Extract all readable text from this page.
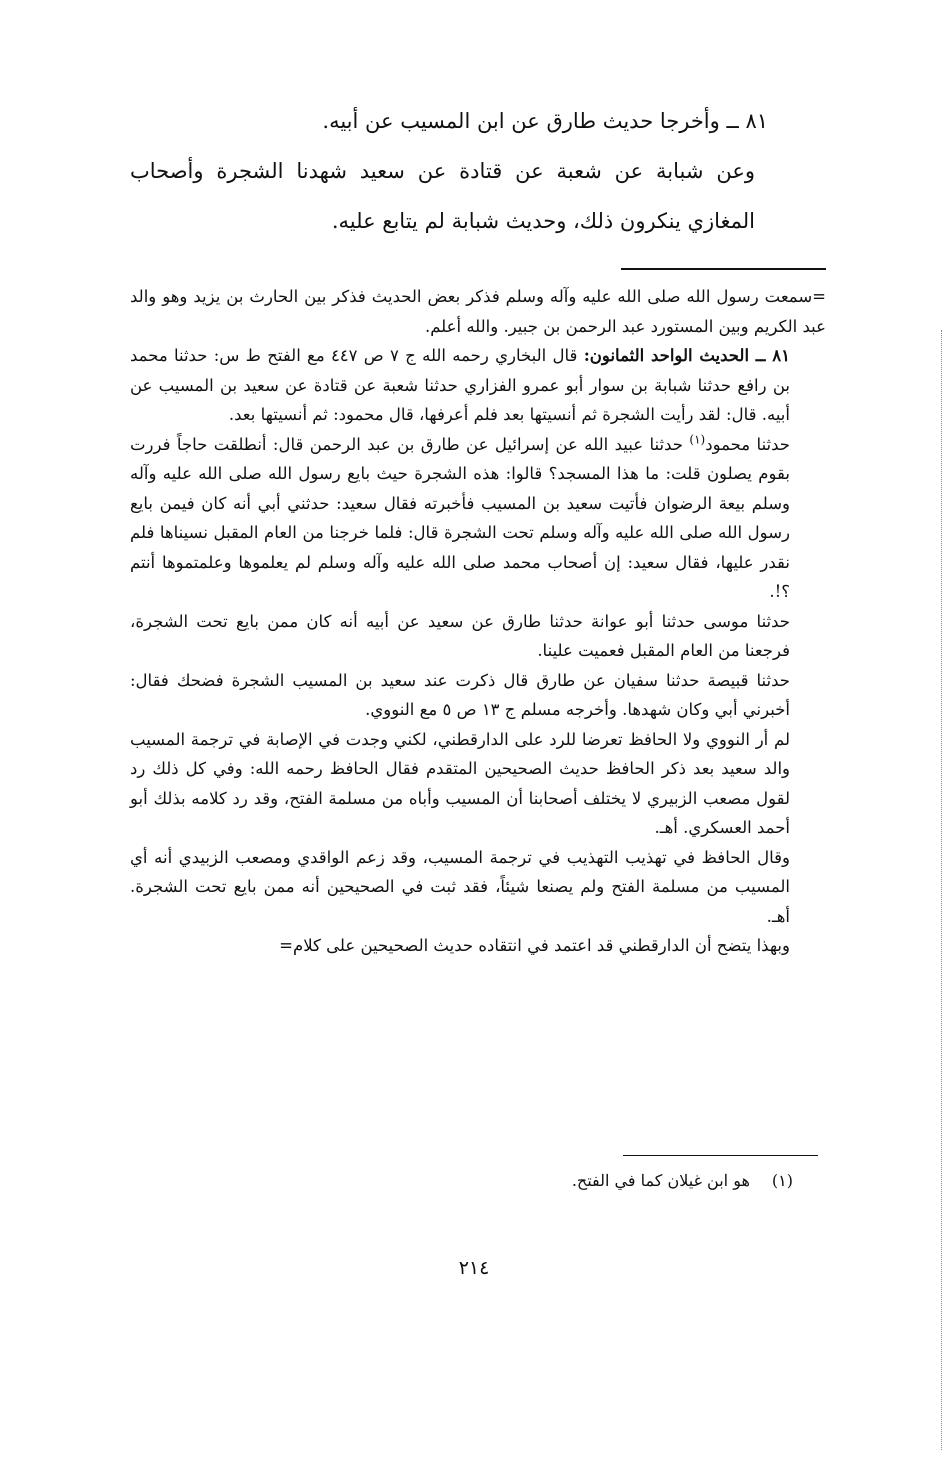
٨١ ــ وأخرجا حديث طارق عن ابن المسيب عن أبيه.

وعن شبابة عن شعبة عن قتادة عن سعيد شهدنا الشجرة وأصحاب المغازي ينكرون ذلك، وحديث شبابة لم يتابع عليه.

=سمعت رسول الله صلى الله عليه وآله وسلم فذكر بعض الحديث فذكر بين الحارث بن يزيد وهو والد عبد الكريم وبين المستورد عبد الرحمن بن جبير. والله أعلم.

٨١ ــ الحديث الواحد الثمانون: قال البخاري رحمه الله ج ٧ ص ٤٤٧ مع الفتح ط س: حدثنا محمد بن رافع حدثنا شبابة بن سوار أبو عمرو الفزاري حدثنا شعبة عن قتادة عن سعيد بن المسيب عن أبيه. قال: لقد رأيت الشجرة ثم أنسيتها بعد فلم أعرفها، قال محمود: ثم أنسيتها بعد.

حدثنا محمود$^{(١)}$ حدثنا عبيد الله عن إسرائيل عن طارق بن عبد الرحمن قال: أنطلقت حاجاً فررت بقوم يصلون قلت: ما هذا المسجد؟ قالوا: هذه الشجرة حيث بايع رسول الله صلى الله عليه وآله وسلم بيعة الرضوان فأتيت سعيد بن المسيب فأخبرته فقال سعيد: حدثني أبي أنه كان فيمن بايع رسول الله صلى الله عليه وآله وسلم تحت الشجرة قال: فلما خرجنا من العام المقبل نسيناها فلم نقدر عليها، فقال سعيد: إن أصحاب محمد صلى الله عليه وآله وسلم لم يعلموها وعلمتموها أنتم ؟!.

حدثنا موسى حدثنا أبو عوانة حدثنا طارق عن سعيد عن أبيه أنه كان ممن بايع تحت الشجرة، فرجعنا من العام المقبل فعميت علينا.

حدثنا قبيصة حدثنا سفيان عن طارق قال ذكرت عند سعيد بن المسيب الشجرة فضحك فقال: أخبرني أبي وكان شهدها. وأخرجه مسلم ج ١٣ ص ٥ مع النووي.

لم أر النووي ولا الحافظ تعرضا للرد على الدارقطني، لكني وجدت في الإصابة في ترجمة المسيب والد سعيد بعد ذكر الحافظ حديث الصحيحين المتقدم فقال الحافظ رحمه الله: وفي كل ذلك رد لقول مصعب الزبيري لا يختلف أصحابنا أن المسيب وأباه من مسلمة الفتح، وقد رد كلامه بذلك أبو أحمد العسكري. أهـ.

وقال الحافظ في تهذيب التهذيب في ترجمة المسيب، وقد زعم الواقدي ومصعب الزبيدي أنه أي المسيب من مسلمة الفتح ولم يصنعا شيئاً، فقد ثبت في الصحيحين أنه ممن بايع تحت الشجرة. أهـ.

وبهذا يتضح أن الدارقطني قد اعتمد في انتقاده حديث الصحيحين على كلام=

(١)هو ابن غيلان كما في الفتح.
٢١٤
